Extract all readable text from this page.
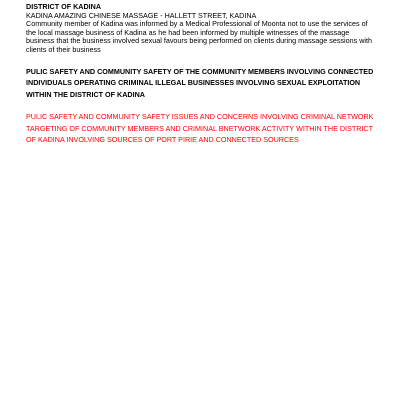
DISTRICT OF KADINA

KADINA AMAZING CHINESE MASSAGE - HALLETT STREET, KADINA

Community member of Kadina was informed by a Medical Professional of Moonta not to use the services of the local massage business of Kadina as he had been informed by multiple witnesses of the massage business that the business involved sexual favours being performed on clients during massage sessions with clients of their business

PULIC SAFETY AND COMMUNITY SAFETY OF THE COMMUNITY MEMBERS INVOLVING CONNECTED INDIVIDUALS OPERATING CRIMINAL ILLEGAL BUSINESSES INVOLVING SEXUAL EXPLOITATION WITHIN THE DISTRICT OF KADINA

PULIC SAFETY AND COMMUNITY SAFETY ISSUES AND CONCERNS INVOLVING CRIMINAL NETWORK TARGETING OF COMMUNITY MEMBERS AND CRIMINAL BNETWORK ACTIVITY WITHIN THE DISTRICT OF KADINA INVOLVING SOURCES OF PORT PIRIE AND CONNECTED SOURCES
